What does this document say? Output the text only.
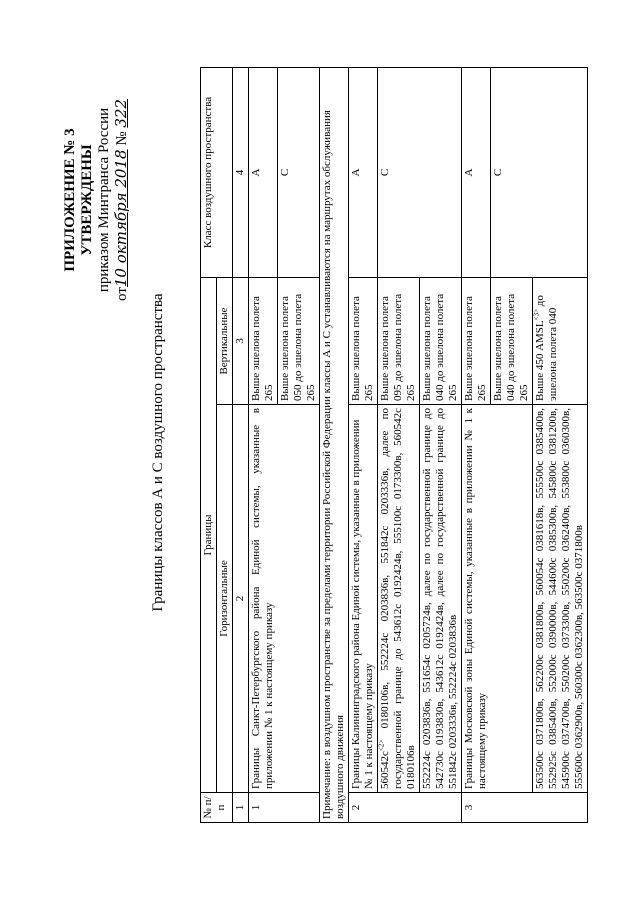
ПРИЛОЖЕНИЕ № 3 УТВЕРЖДЕНЫ приказом Минтранса России
от10 октября 2018 № 322
Границы классов А и С воздушного пространства
№ п/п	Границы		Класс воздушного пространства
	Горизонтальные	Вертикальные	
1	2	3	4
1	Границы Санкт-Петербургского района Единой системы, указанные в приложении № 1 к настоящему приказу	Выше эшелона полета 265	А
		Выше эшелона полета 050 до эшелона полета 265	С
Примечание: в воздушном пространстве за пределами территории Российской Федерации классы А и С устанавливаются на маршрутах обслуживания воздушного движения			
2	Границы Калининградского района Единой системы, указанные в приложении № 1 к настоящему приказу	Выше эшелона полета 265	А
	$560542с^{<2>}$ 0180106в, 552224с 0203836в, 551842с 0203336в, далее по государственной границе до 543612с 0192424в, 555100с 0173300в, 560542с 0180106в	Выше эшелона полета 095 до эшелона полета 265	С
	552224с 0203836в, 551654с 0205724в, далее по государственной границе до 542730с 0193830в, 543612с 0192424в, далее по государственной границе до 551842с 0203336в, 552224с 0203836в	Выше эшелона полета 040 до эшелона полета 265	
3	Границы Московской зоны Единой системы, указанные в приложении № 1 к настоящему приказу	Выше эшелона полета 265	А
		Выше эшелона полета 040 до эшелона полета 265	С
	563500с 0371800в, 562200с 0381800в, 560054с 0381618в, 555500с 0385400в, 552925с 0385400в, 552000с 0390000в, 544600с 0385300в, 545800с 0381200в, 545900с 0374700в, 550200с 0373300в, 550200с 0362400в, 553800с 0360300в, 555600с 0362900в, 560300с 0362300в, 563500с 0371800в	Выше 450 $AMSL^{<3>}$ до эшелона полета 040	
